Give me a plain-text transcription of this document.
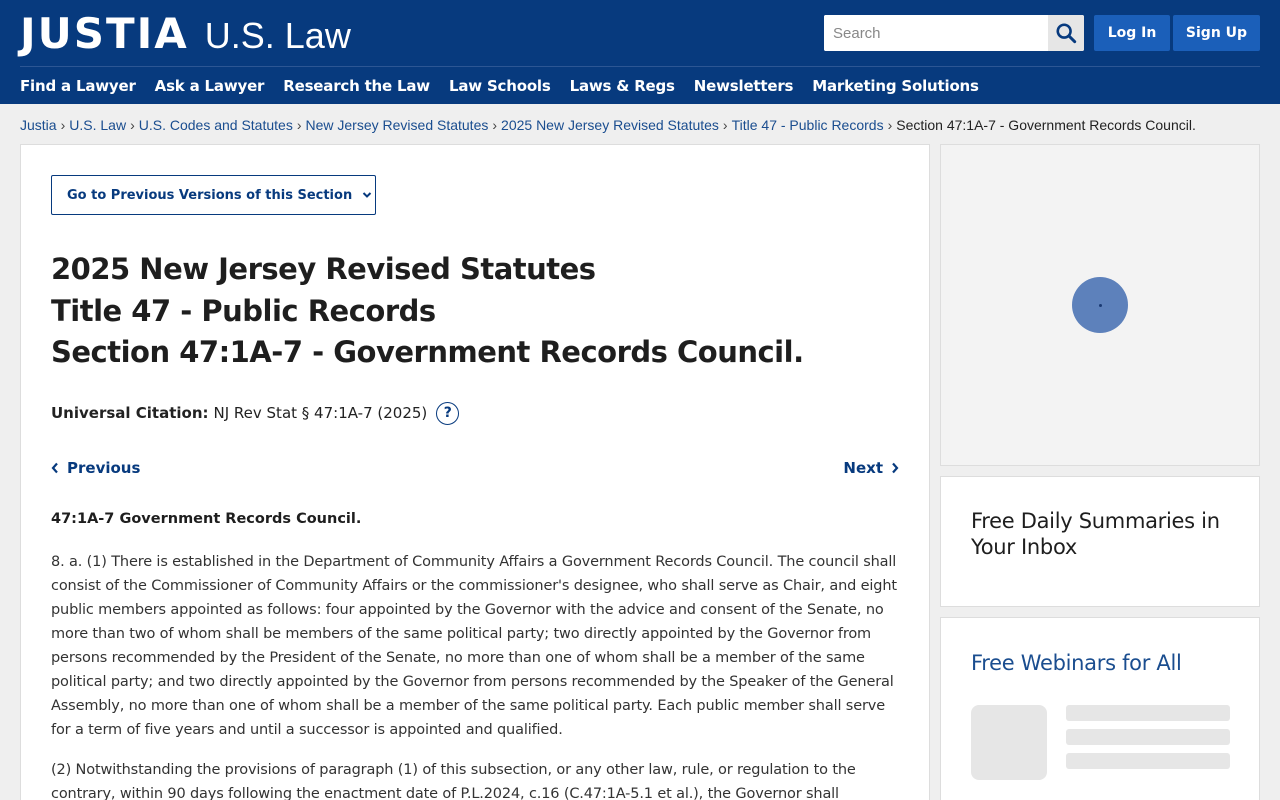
JUSTIA U.S. Law
Search	Log In	Sign Up
Find a Lawyer Ask a Lawyer Research the Law Law Schools Laws & Regs Newsletters Marketing Solutions
Justia › U.S. Law › U.S. Codes and Statutes › New Jersey Revised Statutes › 2025 New Jersey Revised Statutes › Title 47 - Public Records › Section 47:1A-7 - Government Records Council.
Go to Previous Versions of this Section
2025 New Jersey Revised Statutes
Title 47 - Public Records
Section 47:1A-7 - Government Records Council.
Universal Citation: NJ Rev Stat § 47:1A-7 (2025)	?
Previous	Next
47:1A-7 Government Records Council.

8. a. (1) There is established in the Department of Community Affairs a Government Records Council. The council shall consist of the Commissioner of Community Affairs or the commissioner's designee, who shall serve as Chair, and eight public members appointed as follows: four appointed by the Governor with the advice and consent of the Senate, no more than two of whom shall be members of the same political party; two directly appointed by the Governor from persons recommended by the President of the Senate, no more than one of whom shall be a member of the same political party; and two directly appointed by the Governor from persons recommended by the Speaker of the General Assembly, no more than one of whom shall be a member of the same political party. Each public member shall serve for a term of five years and until a successor is appointed and qualified.

(2) Notwithstanding the provisions of paragraph (1) of this subsection, or any other law, rule, or regulation to the contrary, within 90 days following the enactment date of P.L.2024, c.16 (C.47:1A-5.1 et al.), the Governor shall

Free Daily Summaries in Your Inbox
Free Webinars for All
